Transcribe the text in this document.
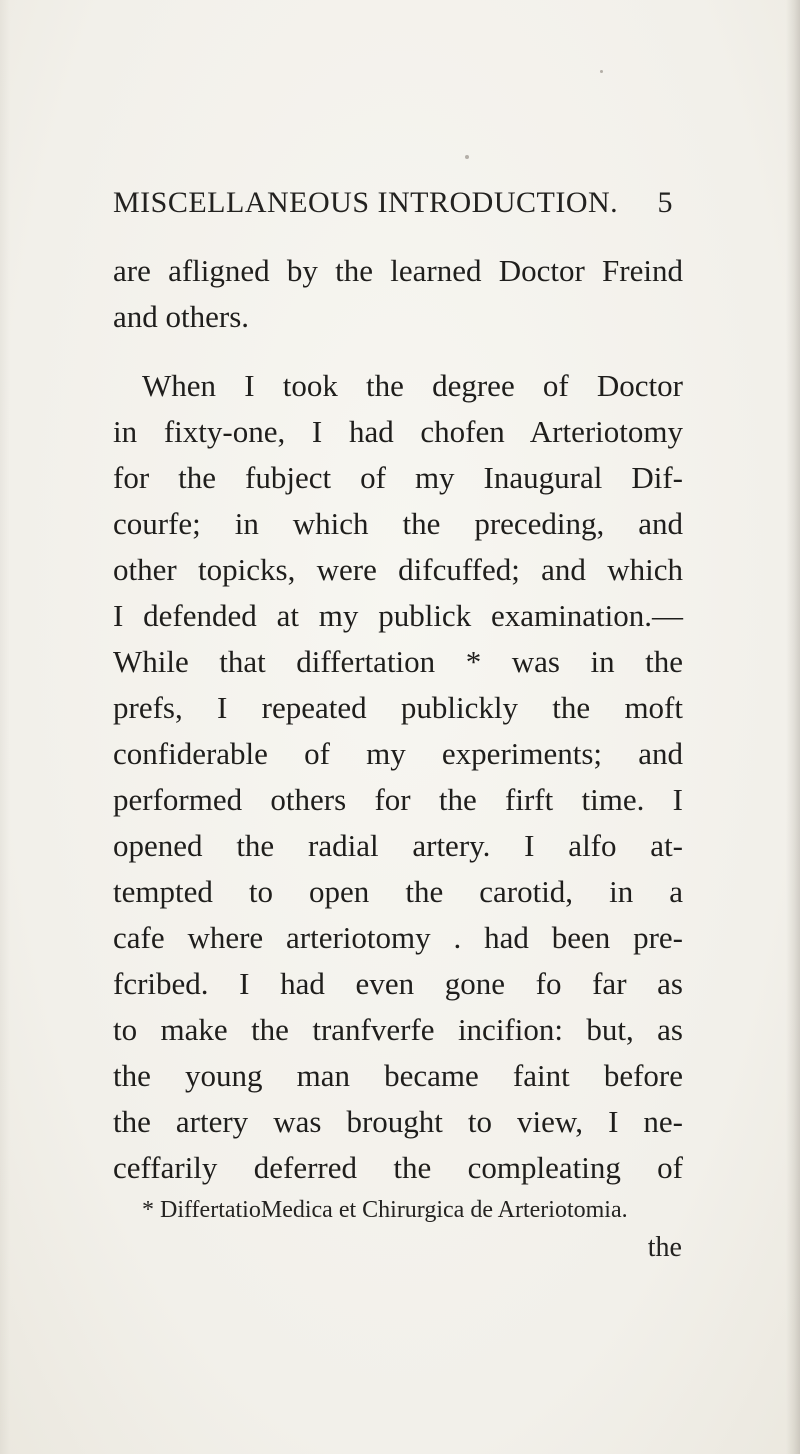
MISCELLANEOUS INTRODUCTION. 5
are afligned by the learned Doctor Freind
and others.
When I took the degree of Doctor
in fixty-one, I had chofen Arteriotomy
for the fubject of my Inaugural Dif-
courfe; in which the preceding, and
other topicks, were difcuffed; and which
I defended at my publick examination.—
While that differtation * was in the
prefs, I repeated publickly the moft
confiderable of my experiments; and
performed others for the firft time. I
opened the radial artery. I alfo at-
tempted to open the carotid, in a
cafe where arteriotomy . had been pre-
fcribed. I had even gone fo far as
to make the tranfverfe incifion: but, as
the young man became faint before
the artery was brought to view, I ne-
ceffarily deferred the compleating of
* DiffertatioMedica et Chirurgica de Arteriotomia.
the
